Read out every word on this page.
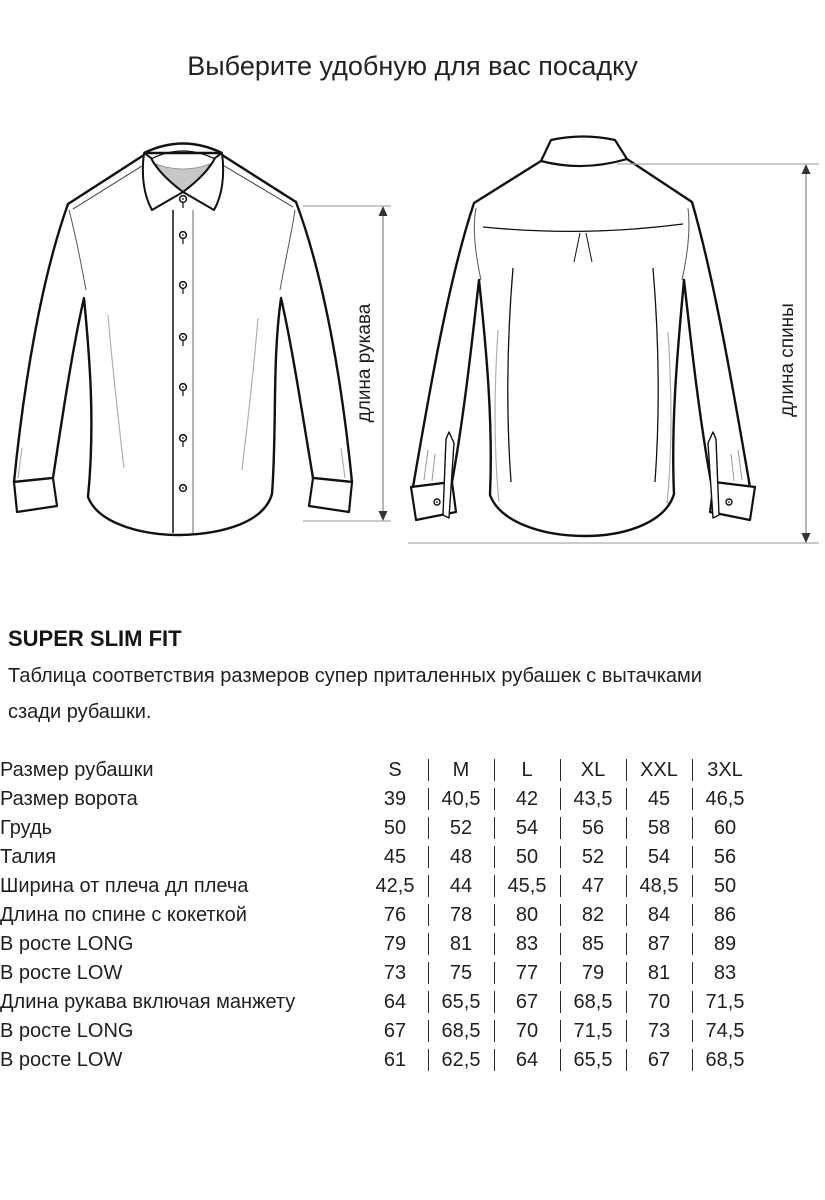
Выберите удобную для вас посадку
длина рукава	длина спины
SUPER SLIM FIT
Таблица соответствия размеров супер приталенных рубашек с вытачками сзади рубашки.
Размер рубашки	S	M	L	XL	XXL	3XL
Размер ворота	39	40,5	42	43,5	45	46,5
Грудь	50	52	54	56	58	60
Талия	45	48	50	52	54	56
Ширина от плеча дл плеча	42,5	44	45,5	47	48,5	50
Длина по спине с кокеткой	76	78	80	82	84	86
В росте LONG	79	81	83	85	87	89
В росте LOW	73	75	77	79	81	83
Длина рукава включая манжету	64	65,5	67	68,5	70	71,5
В росте LONG	67	68,5	70	71,5	73	74,5
В росте LOW	61	62,5	64	65,5	67	68,5
